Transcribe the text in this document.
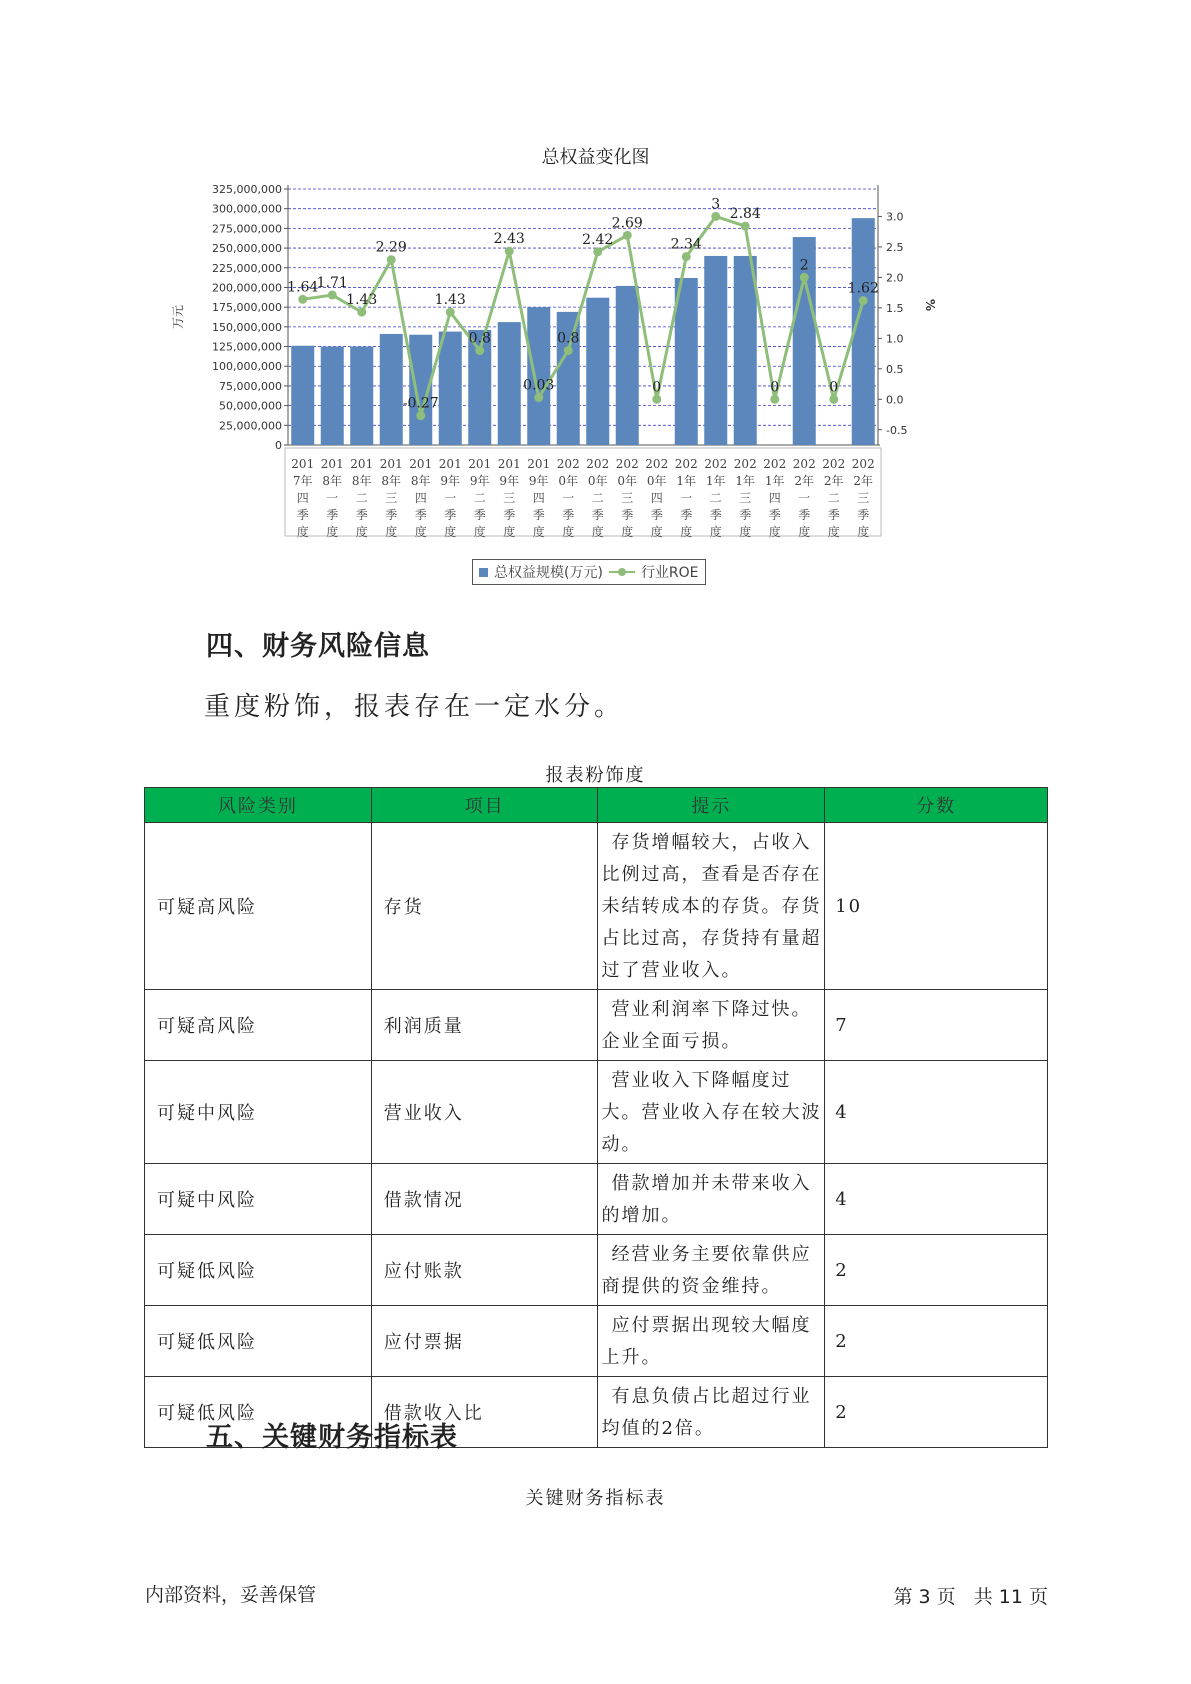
总权益变化图
0
25,000,000
50,000,000
75,000,000
100,000,000
125,000,000
150,000,000
175,000,000
200,000,000
225,000,000
250,000,000
275,000,000
300,000,000
325,000,000
-0.5
0.0
0.5
1.0
1.5
2.0
2.5
3.0
万元	%
1.64
1.71
1.43
2.29
-0.27
1.43
0.8
2.43
0.03
0.8
2.42
2.69
0
2.34
3
2.84
0
2
0
1.62
201 7年四季度
201 8年一季度
201 8年二季度
201 8年三季度
201 8年四季度
201 9年一季度
201 9年二季度
201 9年三季度
201 9年四季度
202 0年一季度
202 0年二季度
202 0年三季度
202 0年四季度
202 1年一季度
202 1年二季度
202 1年三季度
202 1年四季度
202 2年一季度
202 2年二季度
202 2年三季度
总权益规模(万元)	行业ROE
四、财务风险信息
重度粉饰，报表存在一定水分。
报表粉饰度
风险类别	项目	提示	分数
可疑高风险	存货	存货增幅较大，占收入比例过高，查看是否存在未结转成本的存货。存货占比过高，存货持有量超过了营业收入。	10
可疑高风险	利润质量	营业利润率下降过快。企业全面亏损。	7
可疑中风险	营业收入	营业收入下降幅度过大。营业收入存在较大波动。	4
可疑中风险	借款情况	借款增加并未带来收入的增加。	4
可疑低风险	应付账款	经营业务主要依靠供应商提供的资金维持。	2
可疑低风险	应付票据	应付票据出现较大幅度上升。	2
可疑低风险	借款收入比	有息负债占比超过行业均值的2倍。	2
五、关键财务指标表
关键财务指标表
内部资料，妥善保管	第 3 页   共 11 页
